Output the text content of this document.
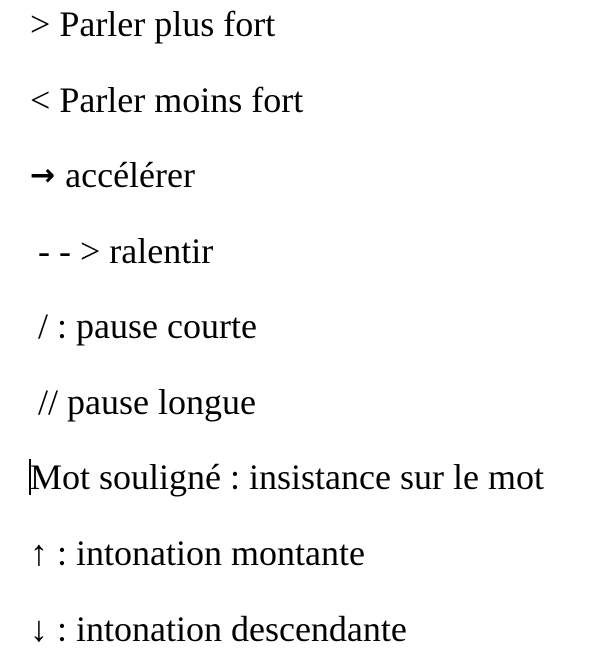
> Parler plus fort
< Parler moins fort
→ accélérer
- - > ralentir
/ : pause courte
// pause longue
Mot souligné : insistance sur le mot
↑ : intonation montante
↓ : intonation descendante
